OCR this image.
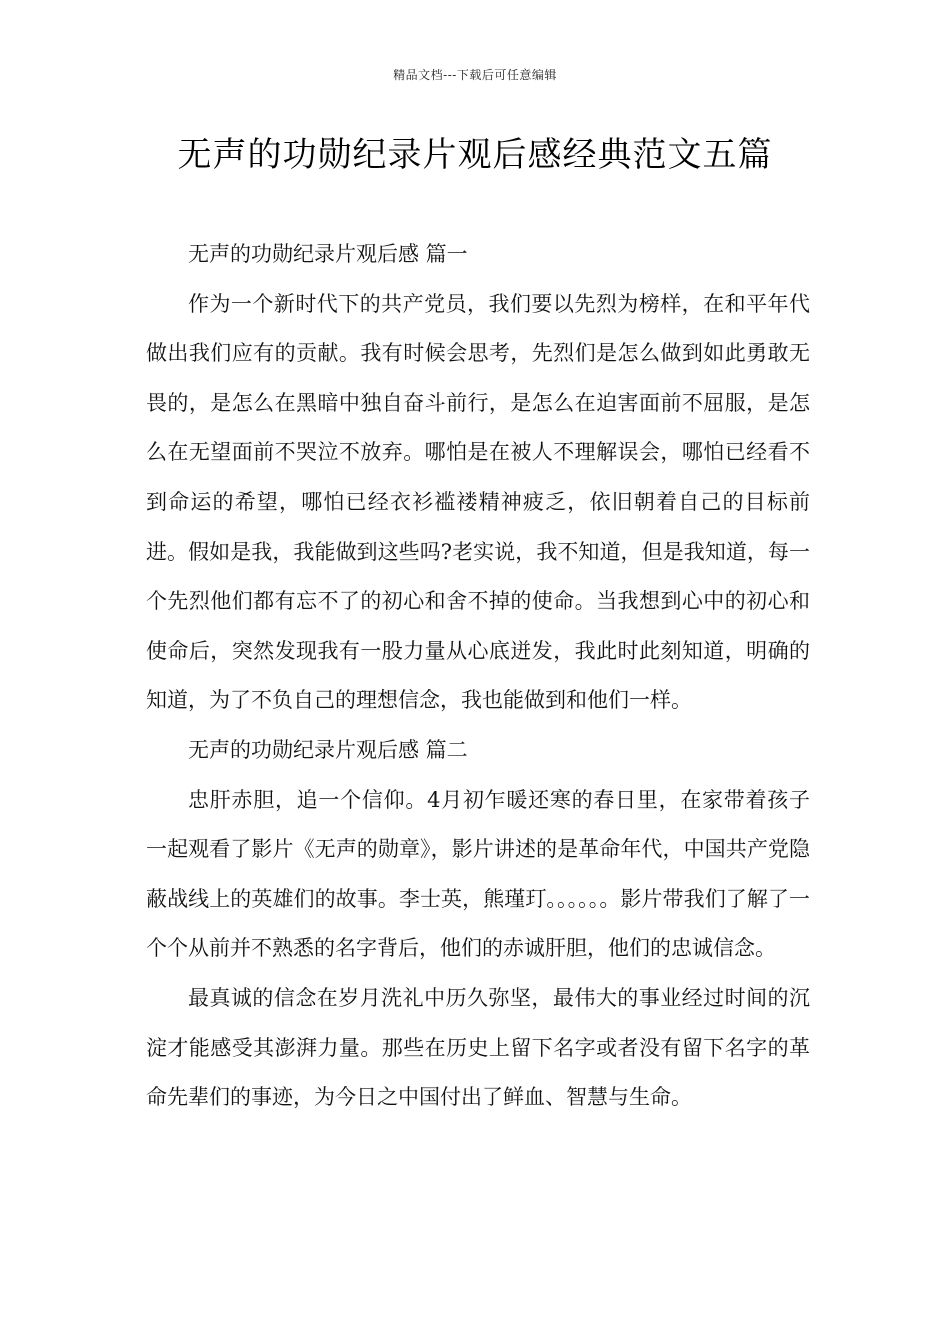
精品文档---下载后可任意编辑
无声的功勋纪录片观后感经典范文五篇

无声的功勋纪录片观后感 篇一

作为一个新时代下的共产党员，我们要以先烈为榜样，在和平年代做出我们应有的贡献。我有时候会思考，先烈们是怎么做到如此勇敢无畏的，是怎么在黑暗中独自奋斗前行，是怎么在迫害面前不屈服，是怎么在无望面前不哭泣不放弃。哪怕是在被人不理解误会，哪怕已经看不到命运的希望，哪怕已经衣衫褴褛精神疲乏，依旧朝着自己的目标前进。假如是我，我能做到这些吗?老实说，我不知道，但是我知道，每一个先烈他们都有忘不了的初心和舍不掉的使命。当我想到心中的初心和使命后，突然发现我有一股力量从心底迸发，我此时此刻知道，明确的知道，为了不负自己的理想信念，我也能做到和他们一样。

无声的功勋纪录片观后感 篇二

忠肝赤胆，追一个信仰。4月初乍暖还寒的春日里，在家带着孩子一起观看了影片《无声的勋章》，影片讲述的是革命年代，中国共产党隐蔽战线上的英雄们的故事。李士英，熊瑾玎。。。。。。影片带我们了解了一个个从前并不熟悉的名字背后，他们的赤诚肝胆，他们的忠诚信念。

最真诚的信念在岁月洗礼中历久弥坚，最伟大的事业经过时间的沉淀才能感受其澎湃力量。那些在历史上留下名字或者没有留下名字的革命先辈们的事迹，为今日之中国付出了鲜血、智慧与生命。
